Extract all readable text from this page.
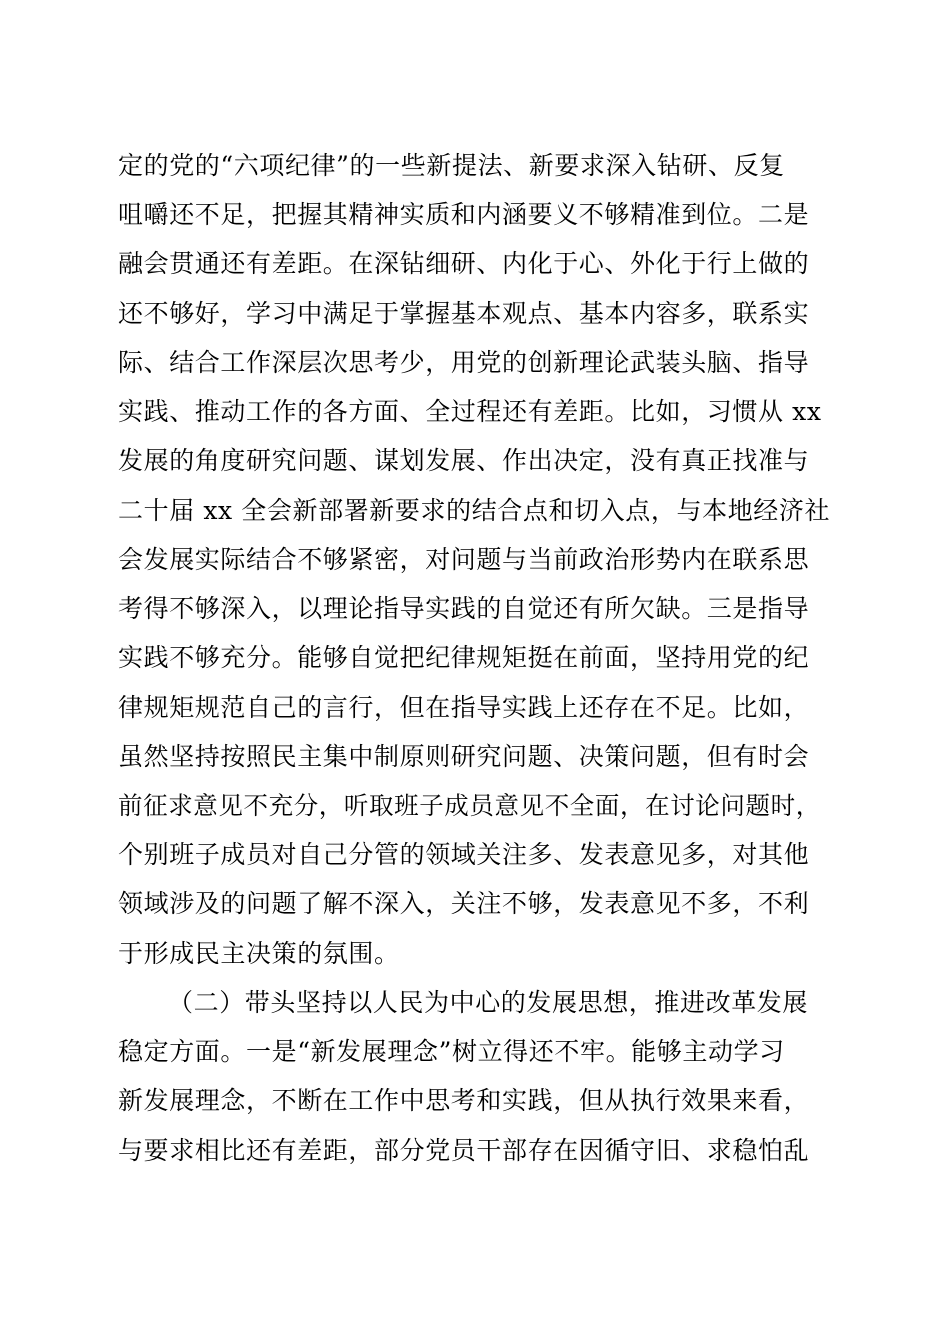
定的党的“六项纪律”的一些新提法、新要求深入钻研、反复
咀嚼还不足，把握其精神实质和内涵要义不够精准到位。二是
融会贯通还有差距。在深钻细研、内化于心、外化于行上做的
还不够好，学习中满足于掌握基本观点、基本内容多，联系实
际、结合工作深层次思考少，用党的创新理论武装头脑、指导
实践、推动工作的各方面、全过程还有差距。比如，习惯从 xx
发展的角度研究问题、谋划发展、作出决定，没有真正找准与
二十届 xx 全会新部署新要求的结合点和切入点，与本地经济社
会发展实际结合不够紧密，对问题与当前政治形势内在联系思
考得不够深入，以理论指导实践的自觉还有所欠缺。三是指导
实践不够充分。能够自觉把纪律规矩挺在前面，坚持用党的纪
律规矩规范自己的言行，但在指导实践上还存在不足。比如，
虽然坚持按照民主集中制原则研究问题、决策问题，但有时会
前征求意见不充分，听取班子成员意见不全面，在讨论问题时，
个别班子成员对自己分管的领域关注多、发表意见多，对其他
领域涉及的问题了解不深入，关注不够，发表意见不多，不利
于形成民主决策的氛围。
（二）带头坚持以人民为中心的发展思想，推进改革发展
稳定方面。一是“新发展理念”树立得还不牢。能够主动学习
新发展理念，不断在工作中思考和实践，但从执行效果来看，
与要求相比还有差距，部分党员干部存在因循守旧、求稳怕乱
